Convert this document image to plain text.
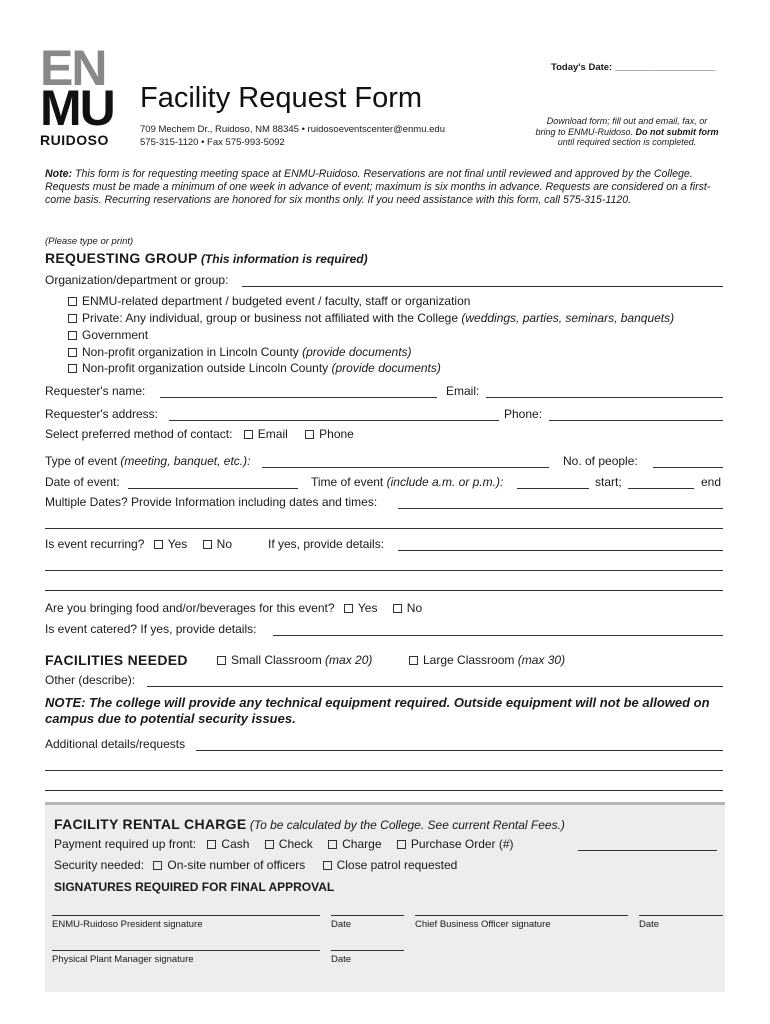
Today's Date: ___________________
EN
MU
RUIDOSO
Facility Request Form
709 Mechem Dr., Ruidoso, NM 88345 • ruidosoeventscenter@enmu.edu
575-315-1120 • Fax 575-993-5092
Download form; fill out and email, fax, or
bring to ENMU-Ruidoso. Do not submit form
until required section is completed.
Note: This form is for requesting meeting space at ENMU-Ruidoso. Reservations are not final until reviewed and approved by the College. Requests must be made a minimum of one week in advance of event; maximum is six months in advance. Requests are considered on a first-come basis. Recurring reservations are honored for six months only. If you need assistance with this form, call 575-315-1120.
(Please type or print)
REQUESTING GROUP (This information is required)
Organization/department or group:
ENMU-related department / budgeted event / faculty, staff or organization
Private: Any individual, group or business not affiliated with the College (weddings, parties, seminars, banquets)
Government
Non-profit organization in Lincoln County (provide documents)
Non-profit organization outside Lincoln County (provide documents)
Requester's name:	Email:
Requester's address:	Phone:
Select preferred method of contact: Email	Phone
Type of event (meeting, banquet, etc.):	No. of people:
Date of event:	Time of event (include a.m. or p.m.):	start;	end
Multiple Dates? Provide Information including dates and times:
Is event recurring? Yes No	If yes, provide details:
Are you bringing food and/or/beverages for this event? Yes No
Is event catered? If yes, provide details:
FACILITIES NEEDED	Small Classroom (max 20)	Large Classroom (max 30)
Other (describe):
NOTE: The college will provide any technical equipment required. Outside equipment will not be allowed on campus due to potential security issues.
Additional details/requests
FACILITY RENTAL CHARGE (To be calculated by the College. See current Rental Fees.)
Payment required up front: Cash Check Charge Purchase Order (#)
Security needed: On-site number of officers	Close patrol requested
SIGNATURES REQUIRED FOR FINAL APPROVAL
ENMU-Ruidoso President signature	Date	Chief Business Officer signature	Date
Physical Plant Manager signature	Date
